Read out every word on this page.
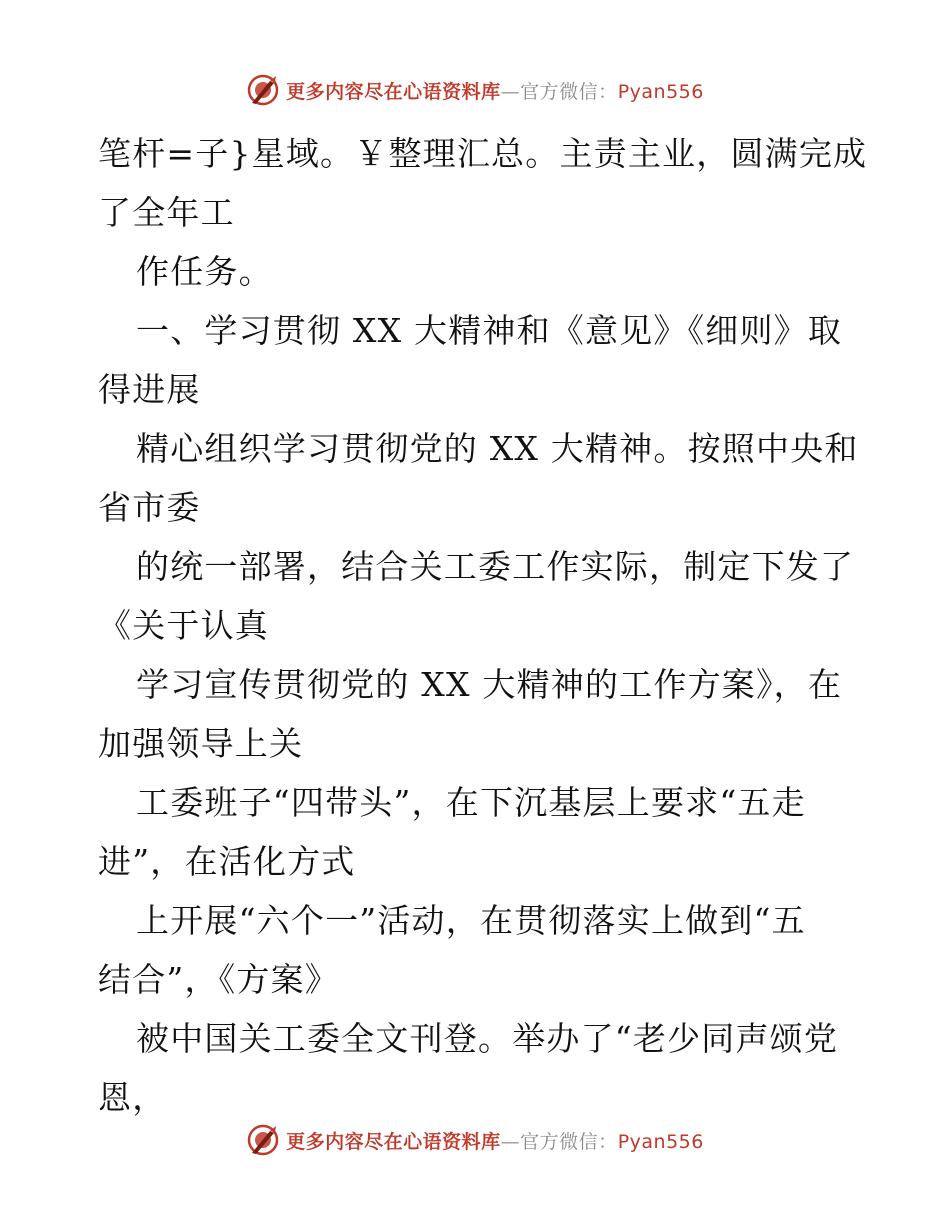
更多内容尽在心语资料库—官方微信：Pyan556
笔杆=子}星域。￥整理汇总。主责主业，圆满完成
了全年工
作任务。
一、学习贯彻 XX 大精神和《意见》《细则》取
得进展
精心组织学习贯彻党的 XX 大精神。按照中央和
省市委
的统一部署，结合关工委工作实际，制定下发了
《关于认真
学习宣传贯彻党的 XX 大精神的工作方案》，在
加强领导上关
工委班子“四带头”，在下沉基层上要求“五走
进”，在活化方式
上开展“六个一”活动，在贯彻落实上做到“五
结合”，《方案》
被中国关工委全文刊登。举办了“老少同声颂党
恩，
更多内容尽在心语资料库—官方微信：Pyan556
